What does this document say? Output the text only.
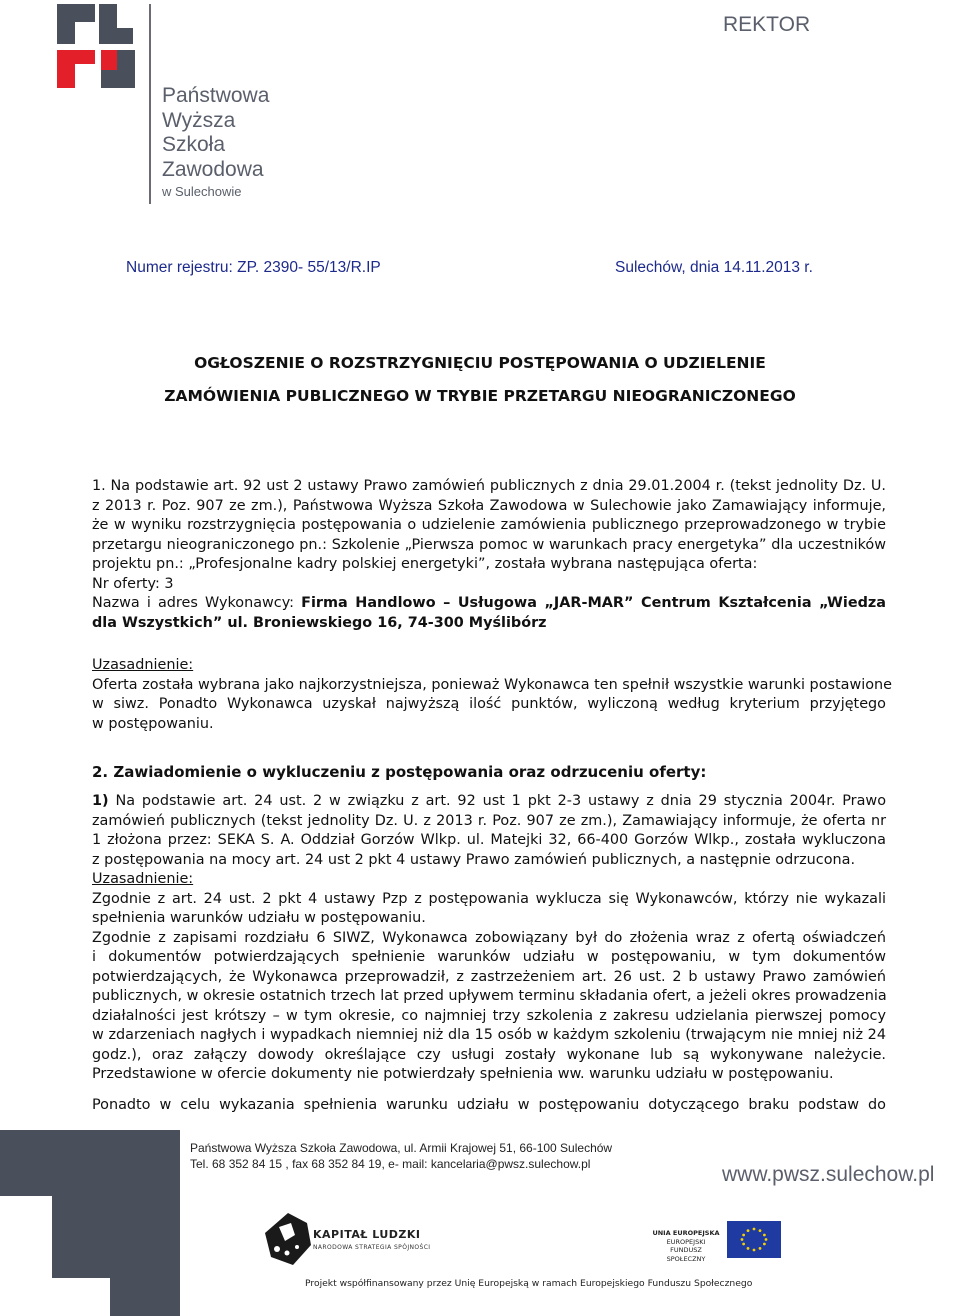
Państwowa
Wyższa
Szkoła
Zawodowa
w Sulechowie
REKTOR
Numer rejestru: ZP. 2390- 55/13/R.IP	Sulechów, dnia 14.11.2013 r.
OGŁOSZENIE O ROZSTRZYGNIĘCIU POSTĘPOWANIA O UDZIELENIE
ZAMÓWIENIA PUBLICZNEGO W TRYBIE PRZETARGU NIEOGRANICZONEGO
1. Na podstawie art. 92 ust 2 ustawy Prawo zamówień publicznych z dnia 29.01.2004 r. (tekst jednolity Dz. U.
z 2013 r. Poz. 907 ze zm.), Państwowa Wyższa Szkoła Zawodowa w Sulechowie jako Zamawiający informuje,
że w wyniku rozstrzygnięcia postępowania o udzielenie zamówienia publicznego przeprowadzonego w trybie
przetargu nieograniczonego pn.: Szkolenie „Pierwsza pomoc w warunkach pracy energetyka” dla uczestników
projektu pn.: „Profesjonalne kadry polskiej energetyki”, została wybrana następująca oferta:
Nr oferty: 3
Nazwa i adres Wykonawcy: Firma Handlowo – Usługowa „JAR-MAR” Centrum Kształcenia „Wiedza
dla Wszystkich” ul. Broniewskiego 16, 74-300 Myślibórz
Uzasadnienie:
Oferta została wybrana jako najkorzystniejsza, ponieważ Wykonawca ten spełnił wszystkie warunki postawione
w siwz. Ponadto Wykonawca uzyskał najwyższą ilość punktów, wyliczoną według kryterium przyjętego
w postępowaniu.
2. Zawiadomienie o wykluczeniu z postępowania oraz odrzuceniu oferty:
1) Na podstawie art. 24 ust. 2 w związku z art. 92 ust 1 pkt 2-3 ustawy z dnia 29 stycznia 2004r. Prawo
zamówień publicznych (tekst jednolity Dz. U. z 2013 r. Poz. 907 ze zm.), Zamawiający informuje, że oferta nr
1 złożona przez: SEKA S. A. Oddział Gorzów Wlkp. ul. Matejki 32, 66-400 Gorzów Wlkp., została wykluczona
z postępowania na mocy art. 24 ust 2 pkt 4 ustawy Prawo zamówień publicznych, a następnie odrzucona.
Uzasadnienie:
Zgodnie z art. 24 ust. 2 pkt 4 ustawy Pzp z postępowania wyklucza się Wykonawców, którzy nie wykazali
spełnienia warunków udziału w postępowaniu.
Zgodnie z zapisami rozdziału 6 SIWZ, Wykonawca zobowiązany był do złożenia wraz z ofertą oświadczeń
i dokumentów potwierdzających spełnienie warunków udziału w postępowaniu, w tym dokumentów
potwierdzających, że Wykonawca przeprowadził, z zastrzeżeniem art. 26 ust. 2 b ustawy Prawo zamówień
publicznych, w okresie ostatnich trzech lat przed upływem terminu składania ofert, a jeżeli okres prowadzenia
działalności jest krótszy – w tym okresie, co najmniej trzy szkolenia z zakresu udzielania pierwszej pomocy
w zdarzeniach nagłych i wypadkach niemniej niż dla 15 osób w każdym szkoleniu (trwającym nie mniej niż 24
godz.), oraz załączy dowody określające czy usługi zostały wykonane lub są wykonywane należycie.
Przedstawione w ofercie dokumenty nie potwierdzały spełnienia ww. warunku udziału w postępowaniu.
Ponadto w celu wykazania spełnienia warunku udziału w postępowaniu dotyczącego braku podstaw do
Państwowa Wyższa Szkoła Zawodowa, ul. Armii Krajowej 51, 66-100 Sulechów
Tel. 68 352 84 15 , fax 68 352 84 19, e- mail: kancelaria@pwsz.sulechow.pl	www.pwsz.sulechow.pl
KAPITAŁ LUDZKI
NARODOWA STRATEGIA SPÓJNOŚCI
UNIA EUROPEJSKA
EUROPEJSKI
FUNDUSZ SPOŁECZNY
Projekt współfinansowany przez Unię Europejską w ramach Europejskiego Funduszu Społecznego
